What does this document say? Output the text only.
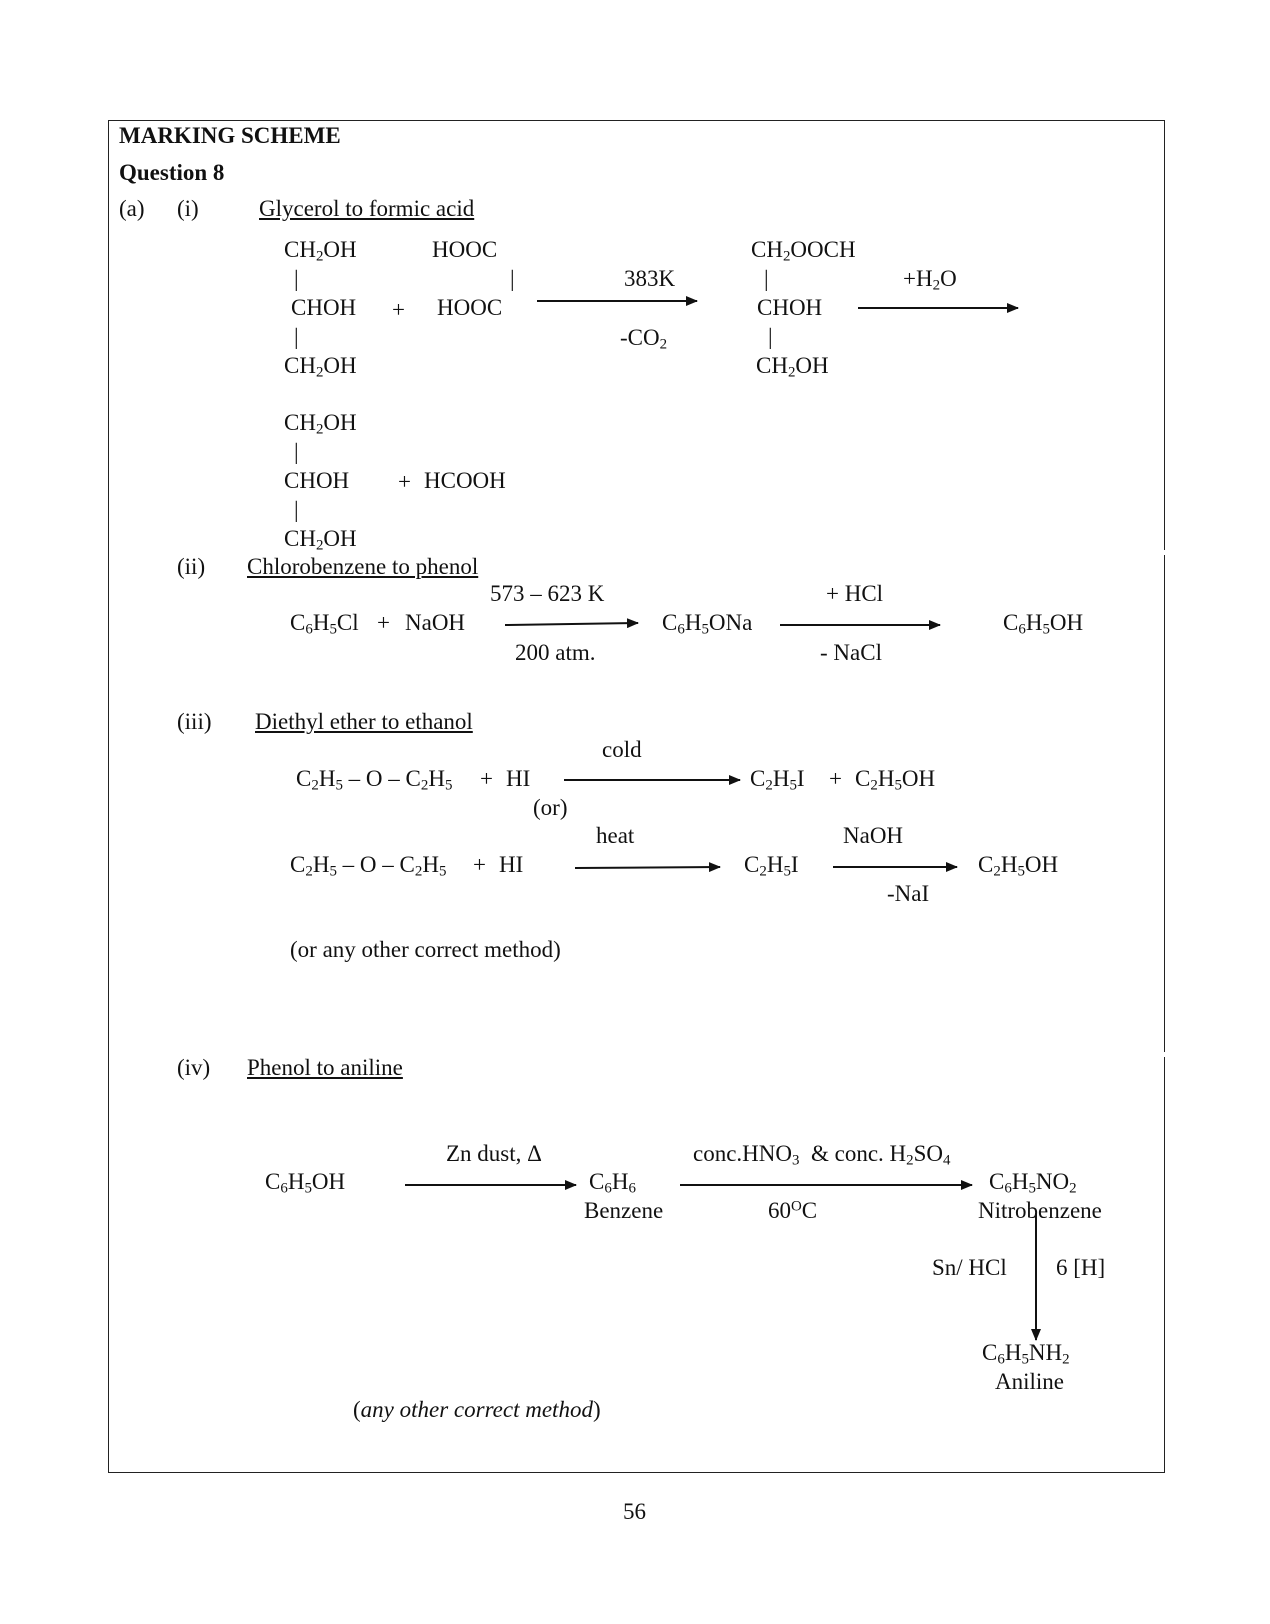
MARKING SCHEME
Question 8
(a) (i)	Glycerol to formic acid
$CH_2OH$
|
CHOH
|
$CH_2OH$
HOOC
|
HOOC
+
383K
$-CO_2$
$CH_2OOCH$
|
CHOH
|
$CH_2OH$
$+H_2O$
$CH_2OH$
|
CHOH
|
$CH_2OH$
+ HCOOH
(ii) Chlorobenzene to phenol
573 – 623 K
$C_6H_5Cl$ + NaOH
200 atm.
$C_6H_5ONa$
+ HCl
- NaCl
$C_6H_5OH$
(iii) Diethyl ether to ethanol
cold
$C_2H_5$ – O – $C_2H_5$ + HI	$C_2H_5I + C_2H_5OH$
(or)
heat	NaOH
$C_2H_5$ – O – $C_2H_5$ + HI	$C_2H_5I$	$C_2H_5OH$
-NaI
(or any other correct method)
(iv) Phenol to aniline
Zn dust, Δ	$conc.HNO_3$  & conc. $H_2SO_4$
$C_6H_5OH$	$C_6H_6$	$C_6H_5NO_2$
Benzene	$60^OC$	Nitrobenzene
Sn/ HCl 6 [H]
$C_6H_5NH_2$
Aniline
(any other correct method)
56
